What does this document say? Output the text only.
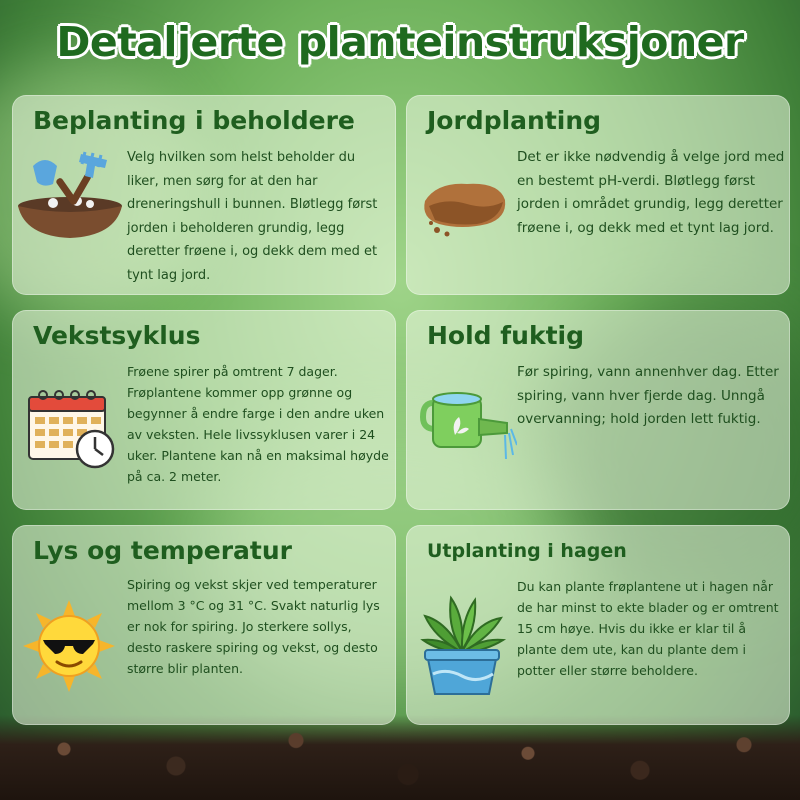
Detaljerte planteinstruksjoner
Beplanting i beholdere

Velg hvilken som helst beholder du liker, men sørg for at den har dreneringshull i bunnen. Bløtlegg først jorden i beholderen grundig, legg deretter frøene i, og dekk dem med et tynt lag jord.

Jordplanting

Det er ikke nødvendig å velge jord med en bestemt pH-verdi. Bløtlegg først jorden i området grundig, legg deretter frøene i, og dekk med et tynt lag jord.

Vekstsyklus

Frøene spirer på omtrent 7 dager. Frøplantene kommer opp grønne og begynner å endre farge i den andre uken av veksten. Hele livssyklusen varer i 24 uker. Plantene kan nå en maksimal høyde på ca. 2 meter.

Hold fuktig

Før spiring, vann annenhver dag. Etter spiring, vann hver fjerde dag. Unngå overvanning; hold jorden lett fuktig.

Lys og temperatur

Spiring og vekst skjer ved temperaturer mellom 3 °C og 31 °C. Svakt naturlig lys er nok for spiring. Jo sterkere sollys, desto raskere spiring og vekst, og desto større blir planten.

Utplanting i hagen

Du kan plante frøplantene ut i hagen når de har minst to ekte blader og er omtrent 15 cm høye. Hvis du ikke er klar til å plante dem ute, kan du plante dem i potter eller større beholdere.
